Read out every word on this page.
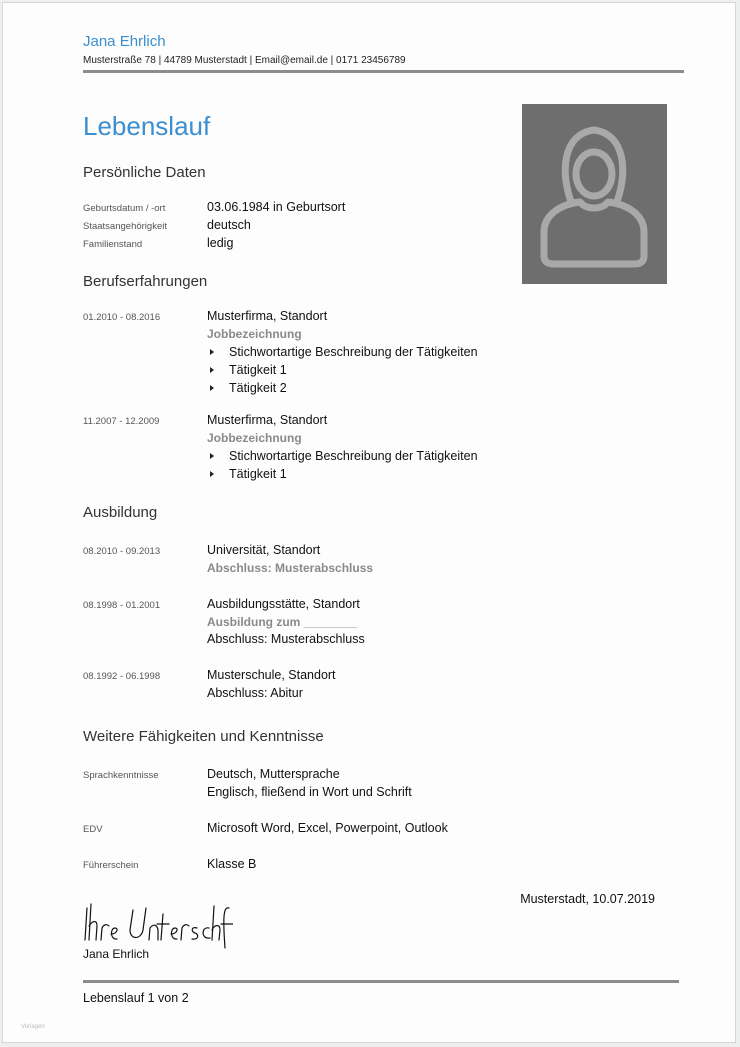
Jana Ehrlich
Musterstraße 78 | 44789 Musterstadt | Email@email.de | 0171 23456789
Lebenslauf
Persönliche Daten
Geburtsdatum / -ort	03.06.1984 in Geburtsort
Staatsangehörigkeit	deutsch
Familienstand	ledig
Berufserfahrungen
01.2010 - 08.2016	Musterfirma, Standort
Jobbezeichnung
Stichwortartige Beschreibung der Tätigkeiten
Tätigkeit 1
Tätigkeit 2
11.2007 - 12.2009	Musterfirma, Standort
Jobbezeichnung
Stichwortartige Beschreibung der Tätigkeiten
Tätigkeit 1
Ausbildung
08.2010 - 09.2013	Universität, Standort
Abschluss: Musterabschluss
08.1998 - 01.2001	Ausbildungsstätte, Standort
Ausbildung zum ________
Abschluss: Musterabschluss
08.1992 - 06.1998	Musterschule, Standort
Abschluss: Abitur
Weitere Fähigkeiten und Kenntnisse
Sprachkenntnisse	Deutsch, Muttersprache
Englisch, fließend in Wort und Schrift
EDV	Microsoft Word, Excel, Powerpoint, Outlook
Führerschein	Klasse B
Musterstadt, 10.07.2019
Jana Ehrlich
Lebenslauf 1 von 2
Vorlagen
